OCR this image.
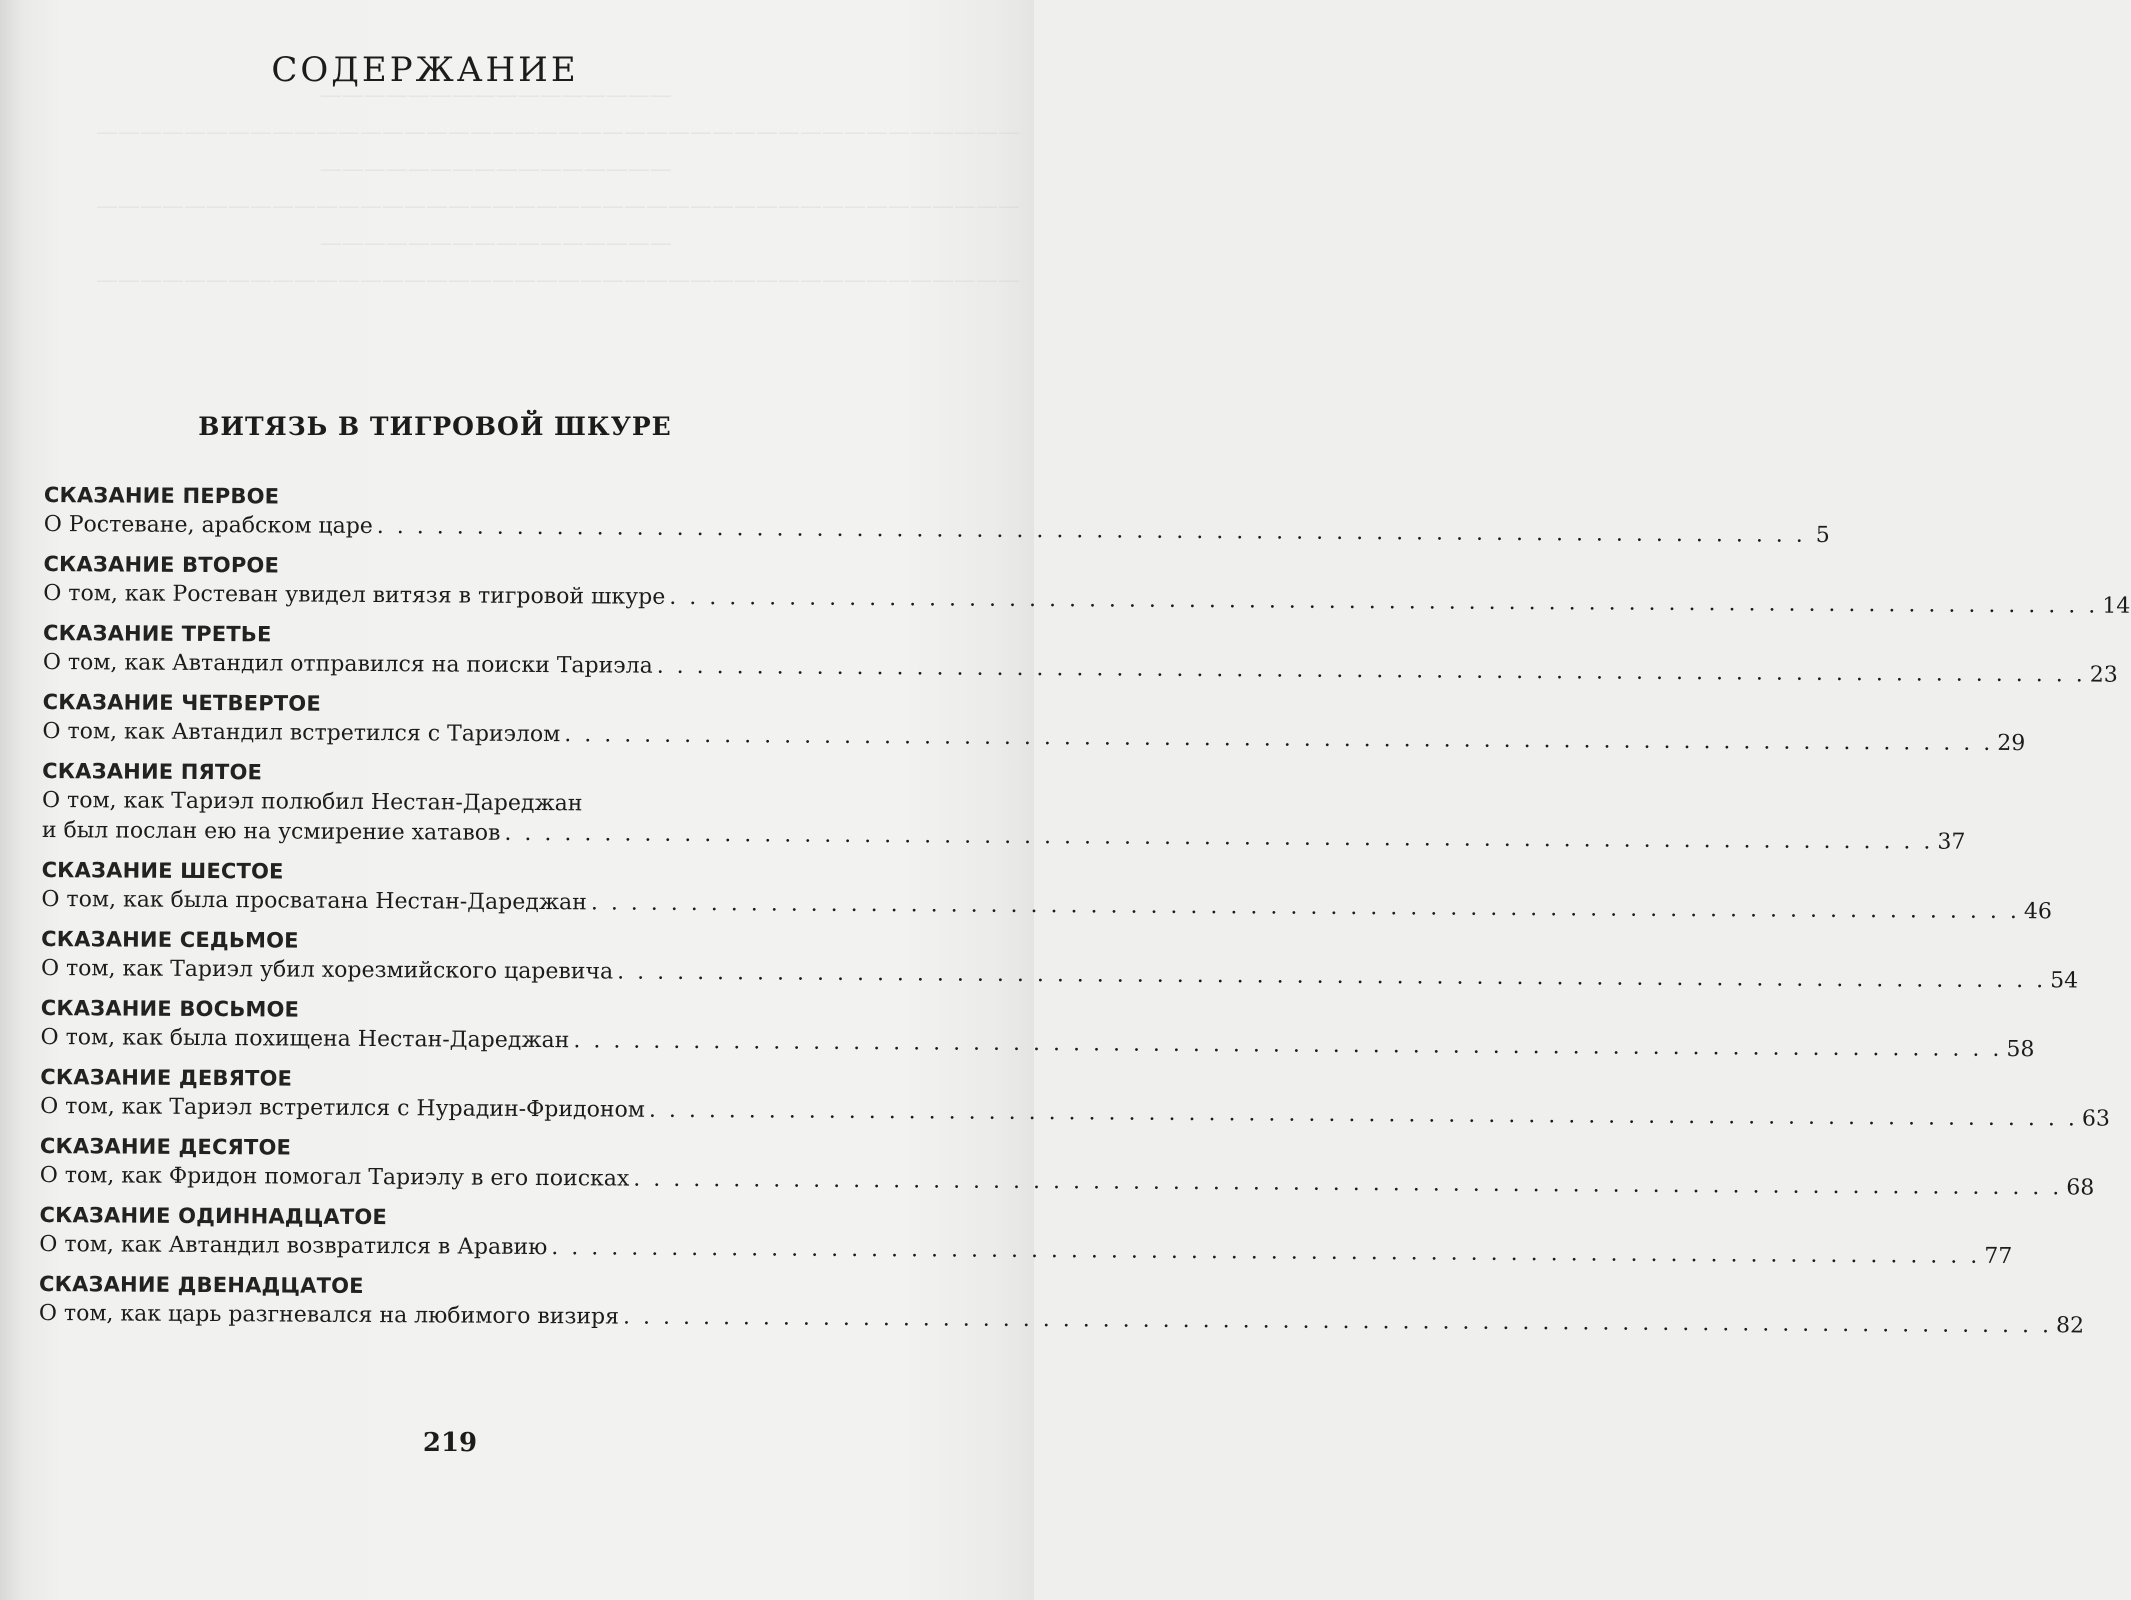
————————————————
——————————————————————————————————————————
————————————————
——————————————————————————————————————————
————————————————
——————————————————————————————————————————

СОДЕРЖАНИЕ
ВИТЯЗЬ В ТИГРОВОЙ ШКУРЕ
СКАЗАНИЕ ПЕРВОЕ
О Ростеване, арабском царе . . . . . . . . . . . . . . . . . . . . . . . . . . . . . . . . . . . . . . . . . . . . . . . . . . . . . . . . . . . . . . . . . . . . . . . . 5
СКАЗАНИЕ ВТОРОЕ
О том, как Ростеван увидел витязя в тигровой шкуре . . . . . . . . . . . . . . . . . . . . . . . . . . . . . . . . . . . . . . . . . . . . . . . . . . . . . . . . . . . . . . . . . . . . . . . . 14
СКАЗАНИЕ ТРЕТЬЕ
О том, как Автандил отправился на поиски Тариэла . . . . . . . . . . . . . . . . . . . . . . . . . . . . . . . . . . . . . . . . . . . . . . . . . . . . . . . . . . . . . . . . . . . . . . . . 23
СКАЗАНИЕ ЧЕТВЕРТОЕ
О том, как Автандил встретился с Тариэлом . . . . . . . . . . . . . . . . . . . . . . . . . . . . . . . . . . . . . . . . . . . . . . . . . . . . . . . . . . . . . . . . . . . . . . . . 29
СКАЗАНИЕ ПЯТОЕ
О том, как Тариэл полюбил Нестан-Дареджан
и был послан ею на усмирение хатавов . . . . . . . . . . . . . . . . . . . . . . . . . . . . . . . . . . . . . . . . . . . . . . . . . . . . . . . . . . . . . . . . . . . . . . . . 37
СКАЗАНИЕ ШЕСТОЕ
О том, как была просватана Нестан-Дареджан . . . . . . . . . . . . . . . . . . . . . . . . . . . . . . . . . . . . . . . . . . . . . . . . . . . . . . . . . . . . . . . . . . . . . . . . 46
СКАЗАНИЕ СЕДЬМОЕ
О том, как Тариэл убил хорезмийского царевича . . . . . . . . . . . . . . . . . . . . . . . . . . . . . . . . . . . . . . . . . . . . . . . . . . . . . . . . . . . . . . . . . . . . . . . . 54
СКАЗАНИЕ ВОСЬМОЕ
О том, как была похищена Нестан-Дареджан . . . . . . . . . . . . . . . . . . . . . . . . . . . . . . . . . . . . . . . . . . . . . . . . . . . . . . . . . . . . . . . . . . . . . . . . 58
СКАЗАНИЕ ДЕВЯТОЕ
О том, как Тариэл встретился с Нурадин-Фридоном . . . . . . . . . . . . . . . . . . . . . . . . . . . . . . . . . . . . . . . . . . . . . . . . . . . . . . . . . . . . . . . . . . . . . . . . 63
СКАЗАНИЕ ДЕСЯТОЕ
О том, как Фридон помогал Тариэлу в его поисках . . . . . . . . . . . . . . . . . . . . . . . . . . . . . . . . . . . . . . . . . . . . . . . . . . . . . . . . . . . . . . . . . . . . . . . . 68
СКАЗАНИЕ ОДИННАДЦАТОЕ
О том, как Автандил возвратился в Аравию . . . . . . . . . . . . . . . . . . . . . . . . . . . . . . . . . . . . . . . . . . . . . . . . . . . . . . . . . . . . . . . . . . . . . . . . 77
СКАЗАНИЕ ДВЕНАДЦАТОЕ
О том, как царь разгневался на любимого визиря . . . . . . . . . . . . . . . . . . . . . . . . . . . . . . . . . . . . . . . . . . . . . . . . . . . . . . . . . . . . . . . . . . . . . . . . 82
219
